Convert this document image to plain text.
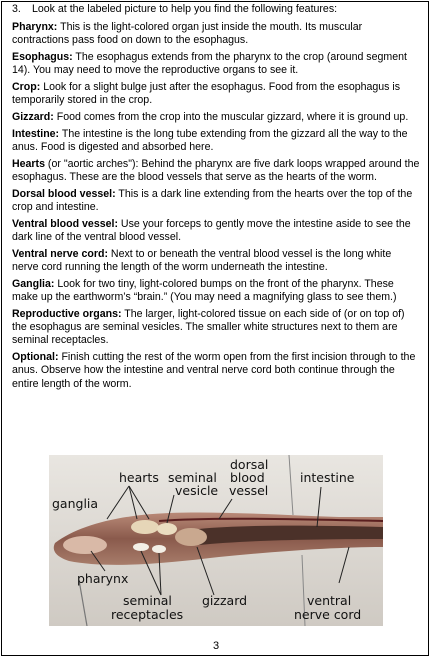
3. Look at the labeled picture to help you find the following features:
Pharynx: This is the light-colored organ just inside the mouth. Its muscular contractions pass food on down to the esophagus.
Esophagus: The esophagus extends from the pharynx to the crop (around segment 14). You may need to move the reproductive organs to see it.
Crop: Look for a slight bulge just after the esophagus. Food from the esophagus is temporarily stored in the crop.
Gizzard: Food comes from the crop into the muscular gizzard, where it is ground up.
Intestine: The intestine is the long tube extending from the gizzard all the way to the anus. Food is digested and absorbed here.
Hearts (or "aortic arches"): Behind the pharynx are five dark loops wrapped around the esophagus. These are the blood vessels that serve as the hearts of the worm.
Dorsal blood vessel: This is a dark line extending from the hearts over the top of the crop and intestine.
Ventral blood vessel: Use your forceps to gently move the intestine aside to see the dark line of the ventral blood vessel.
Ventral nerve cord: Next to or beneath the ventral blood vessel is the long white nerve cord running the length of the worm underneath the intestine.
Ganglia: Look for two tiny, light-colored bumps on the front of the pharynx. These make up the earthworm’s “brain.” (You may need a magnifying glass to see them.)
Reproductive organs: The larger, light-colored tissue on each side of (or on top of) the esophagus are seminal vesicles. The smaller white structures next to them are seminal receptacles.
Optional: Finish cutting the rest of the worm open from the first incision through to the anus. Observe how the intestine and ventral nerve cord both continue through the entire length of the worm.
ganglia
hearts seminal
vesicle
dorsal
blood
vessel
intestine
pharynx
seminal
receptacles
gizzard	ventral
nerve cord
3
